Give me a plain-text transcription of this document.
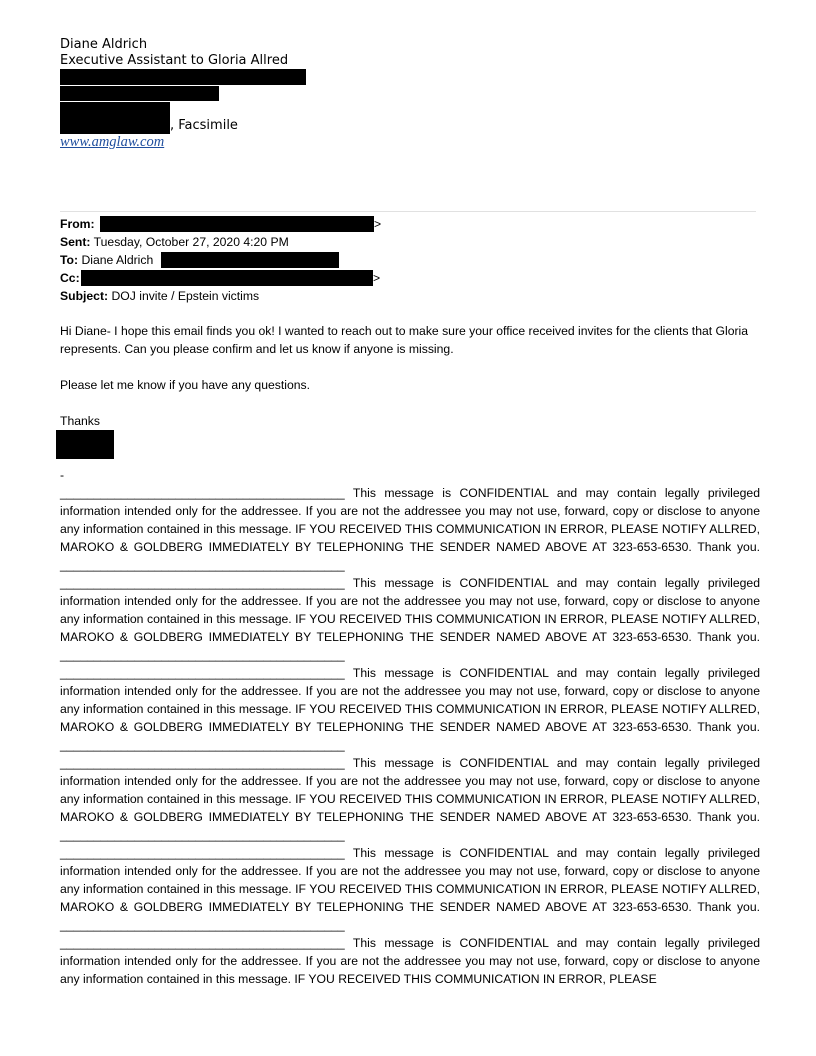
Diane Aldrich
Executive Assistant to Gloria Allred
, Facsimile
www.amglaw.com
From:	>
Sent: Tuesday, October 27, 2020 4:20 PM
To: Diane Aldrich
Cc:	>
Subject: DOJ invite / Epstein victims
Hi Diane- I hope this email finds you ok! I wanted to reach out to make sure your office received invites for the clients that Gloria represents. Can you please confirm and let us know if anyone is missing.
Please let me know if you have any questions.
Thanks
-
__________________________________________ This message is CONFIDENTIAL and may contain legally privileged information intended only for the addressee. If you are not the addressee you may not use, forward, copy or disclose to anyone any information contained in this message. IF YOU RECEIVED THIS COMMUNICATION IN ERROR, PLEASE NOTIFY ALLRED, MAROKO & GOLDBERG IMMEDIATELY BY TELEPHONING THE SENDER NAMED ABOVE AT 323-653-6530. Thank you. __________________________________________
__________________________________________ This message is CONFIDENTIAL and may contain legally privileged information intended only for the addressee. If you are not the addressee you may not use, forward, copy or disclose to anyone any information contained in this message. IF YOU RECEIVED THIS COMMUNICATION IN ERROR, PLEASE NOTIFY ALLRED, MAROKO & GOLDBERG IMMEDIATELY BY TELEPHONING THE SENDER NAMED ABOVE AT 323-653-6530. Thank you. __________________________________________
__________________________________________ This message is CONFIDENTIAL and may contain legally privileged information intended only for the addressee. If you are not the addressee you may not use, forward, copy or disclose to anyone any information contained in this message. IF YOU RECEIVED THIS COMMUNICATION IN ERROR, PLEASE NOTIFY ALLRED, MAROKO & GOLDBERG IMMEDIATELY BY TELEPHONING THE SENDER NAMED ABOVE AT 323-653-6530. Thank you. __________________________________________
__________________________________________ This message is CONFIDENTIAL and may contain legally privileged information intended only for the addressee. If you are not the addressee you may not use, forward, copy or disclose to anyone any information contained in this message. IF YOU RECEIVED THIS COMMUNICATION IN ERROR, PLEASE NOTIFY ALLRED, MAROKO & GOLDBERG IMMEDIATELY BY TELEPHONING THE SENDER NAMED ABOVE AT 323-653-6530. Thank you. __________________________________________
__________________________________________ This message is CONFIDENTIAL and may contain legally privileged information intended only for the addressee. If you are not the addressee you may not use, forward, copy or disclose to anyone any information contained in this message. IF YOU RECEIVED THIS COMMUNICATION IN ERROR, PLEASE NOTIFY ALLRED, MAROKO & GOLDBERG IMMEDIATELY BY TELEPHONING THE SENDER NAMED ABOVE AT 323-653-6530. Thank you. __________________________________________
__________________________________________ This message is CONFIDENTIAL and may contain legally privileged information intended only for the addressee. If you are not the addressee you may not use, forward, copy or disclose to anyone any information contained in this message. IF YOU RECEIVED THIS COMMUNICATION IN ERROR, PLEASE
